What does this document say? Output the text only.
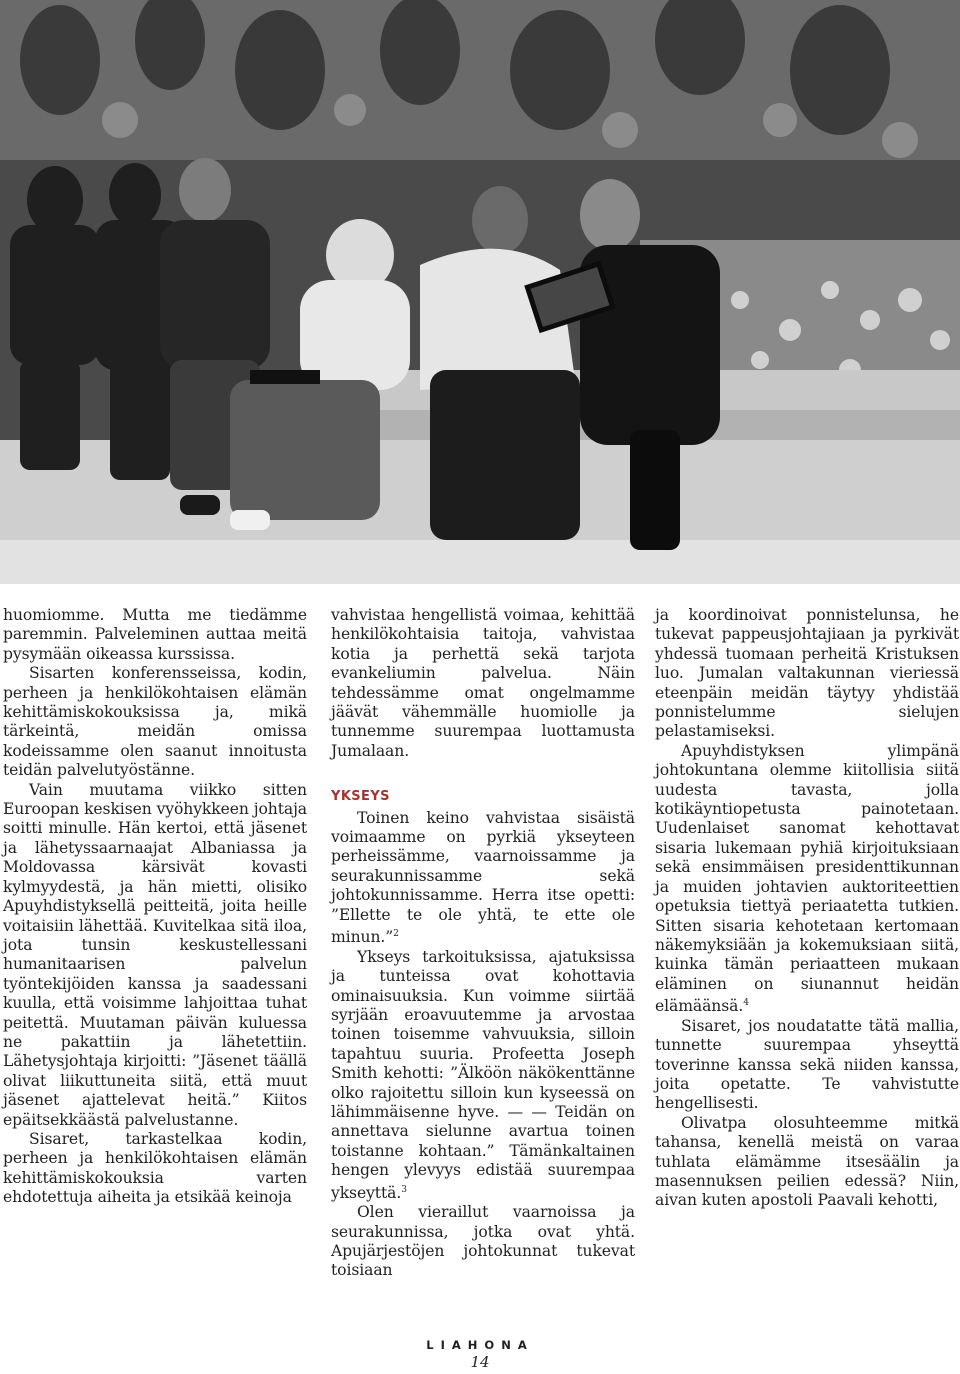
huomiomme. Mutta me tiedämme paremmin. Palveleminen auttaa meitä pysymään oikeassa kurssissa.

Sisarten konferensseissa, kodin, perheen ja henkilökohtaisen elämän kehittämiskokouksissa ja, mikä tärkeintä, meidän omissa kodeissamme olen saanut innoitusta teidän palvelutyöstänne.

Vain muutama viikko sitten Euroopan keskisen vyöhykkeen johtaja soitti minulle. Hän kertoi, että jäsenet ja lähetyssaarnaajat Albaniassa ja Moldovassa kärsivät kovasti kylmyydestä, ja hän mietti, olisiko Apuyhdistyksellä peitteitä, joita heille voitaisiin lähettää. Kuvitelkaa sitä iloa, jota tunsin keskustellessani humanitaarisen palvelun työntekijöiden kanssa ja saadessani kuulla, että voisimme lahjoittaa tuhat peitettä. Muutaman päivän kuluessa ne pakattiin ja lähetettiin. Lähetysjohtaja kirjoitti: ”Jäsenet täällä olivat liikuttuneita siitä, että muut jäsenet ajattelevat heitä.” Kiitos epäitsekkäästä palvelustanne.

Sisaret, tarkastelkaa kodin, perheen ja henkilökohtaisen elämän kehittämiskokouksia varten ehdotettuja aiheita ja etsikää keinoja

vahvistaa hengellistä voimaa, kehittää henkilökohtaisia taitoja, vahvistaa kotia ja perhettä sekä tarjota evankeliumin palvelua. Näin tehdessämme omat ongelmamme jäävät vähemmälle huomiolle ja tunnemme suurempaa luottamusta Jumalaan.

YKSEYS

Toinen keino vahvistaa sisäistä voimaamme on pyrkiä ykseyteen perheissämme, vaarnoissamme ja seurakunnissamme sekä johtokunnissamme. Herra itse opetti: ”Ellette te ole yhtä, te ette ole minun.”$^2$

Ykseys tarkoituksissa, ajatuksissa ja tunteissa ovat kohottavia ominaisuuksia. Kun voimme siirtää syrjään eroavuutemme ja arvostaa toinen toisemme vahvuuksia, silloin tapahtuu suuria. Profeetta Joseph Smith kehotti: ”Älköön näkökenttänne olko rajoitettu silloin kun kyseessä on lähimmäisenne hyve. — — Teidän on annettava sielunne avartua toinen toistanne kohtaan.” Tämänkaltainen hengen ylevyys edistää suurempaa ykseyttä.$^3$

Olen vieraillut vaarnoissa ja seurakunnissa, jotka ovat yhtä. Apujärjestöjen johtokunnat tukevat toisiaan

ja koordinoivat ponnistelunsa, he tukevat pappeusjohtajiaan ja pyrkivät yhdessä tuomaan perheitä Kristuksen luo. Jumalan valtakunnan vieriessä eteenpäin meidän täytyy yhdistää ponnistelumme sielujen pelastamiseksi.

Apuyhdistyksen ylimpänä johtokuntana olemme kiitollisia siitä uudesta tavasta, jolla kotikäyntiopetusta painotetaan. Uudenlaiset sanomat kehottavat sisaria lukemaan pyhiä kirjoituksiaan sekä ensimmäisen presidenttikunnan ja muiden johtavien auktoriteettien opetuksia tiettyä periaatetta tutkien. Sitten sisaria kehotetaan kertomaan näkemyksiään ja kokemuksiaan siitä, kuinka tämän periaatteen mukaan eläminen on siunannut heidän elämäänsä.$^4$

Sisaret, jos noudatatte tätä mallia, tunnette suurempaa yhseyttä toverinne kanssa sekä niiden kanssa, joita opetatte. Te vahvistutte hengellisesti.

Olivatpa olosuhteemme mitkä tahansa, kenellä meistä on varaa tuhlata elämämme itsesäälin ja masennuksen peilien edessä? Niin, aivan kuten apostoli Paavali kehotti,

LIAHONA
14
